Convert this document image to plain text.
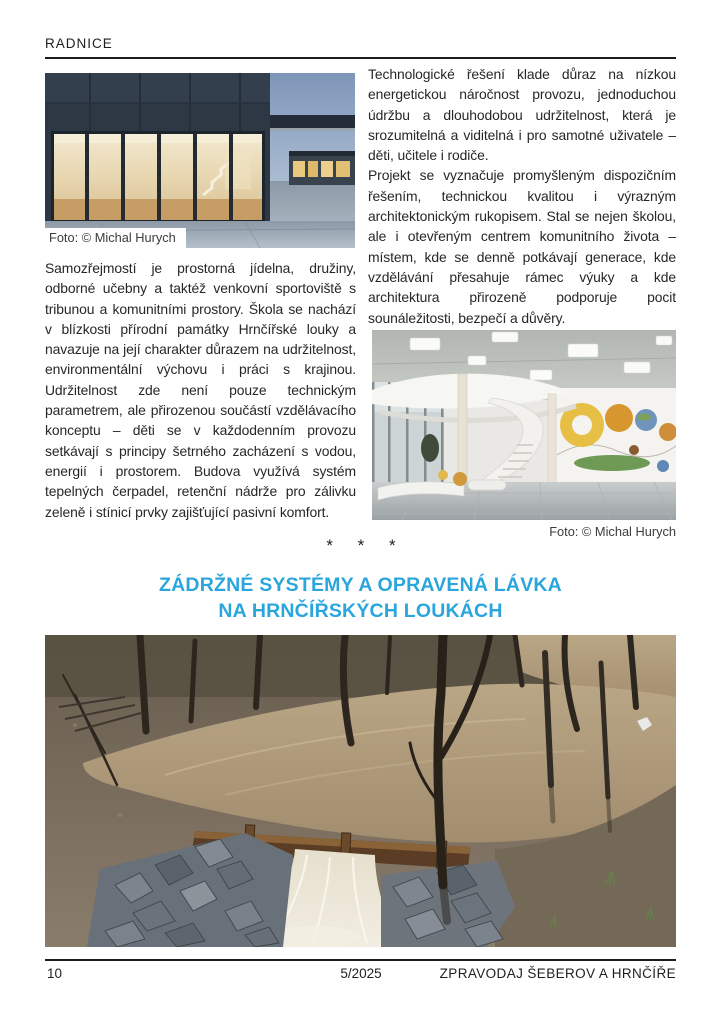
RADNICE
Foto: © Michal Hurych
Samozřejmostí je prostorná jídelna, družiny, odborné učebny a taktéž venkovní sportoviště s tribunou a komunitními prostory. Škola se nachází v blízkosti přírodní památky Hrnčířské louky a navazuje na její charakter důrazem na udržitelnost, environmentální výchovu i práci s krajinou. Udržitelnost zde není pouze technickým parametrem, ale přirozenou součástí vzdělávacího konceptu – děti se v každodenním provozu setkávají s principy šetrného zacházení s vodou, energií i prostorem. Budova využívá systém tepelných čerpadel, retenční nádrže pro zálivku zeleně i stínicí prvky zajišťující pasivní komfort.

Technologické řešení klade důraz na nízkou energetickou náročnost provozu, jednoduchou údržbu a dlouhodobou udržitelnost, která je srozumitelná a viditelná i pro samotné uživatele – děti, učitele i rodiče.

Projekt se vyznačuje promyšleným dispozičním řešením, technickou kvalitou i výrazným architektonickým rukopisem. Stal se nejen školou, ale i otevřeným centrem komunitního života – místem, kde se denně potkávají generace, kde vzdělávání přesahuje rámec výuky a kde architektura přirozeně podporuje pocit sounáležitosti, bezpečí a důvěry.

Foto: © Michal Hurych
* * *
ZÁDRŽNÉ SYSTÉMY A OPRAVENÁ LÁVKA
NA HRNČÍŘSKÝCH LOUKÁCH
10	5/2025	ZPRAVODAJ ŠEBEROV A HRNČÍŘE
